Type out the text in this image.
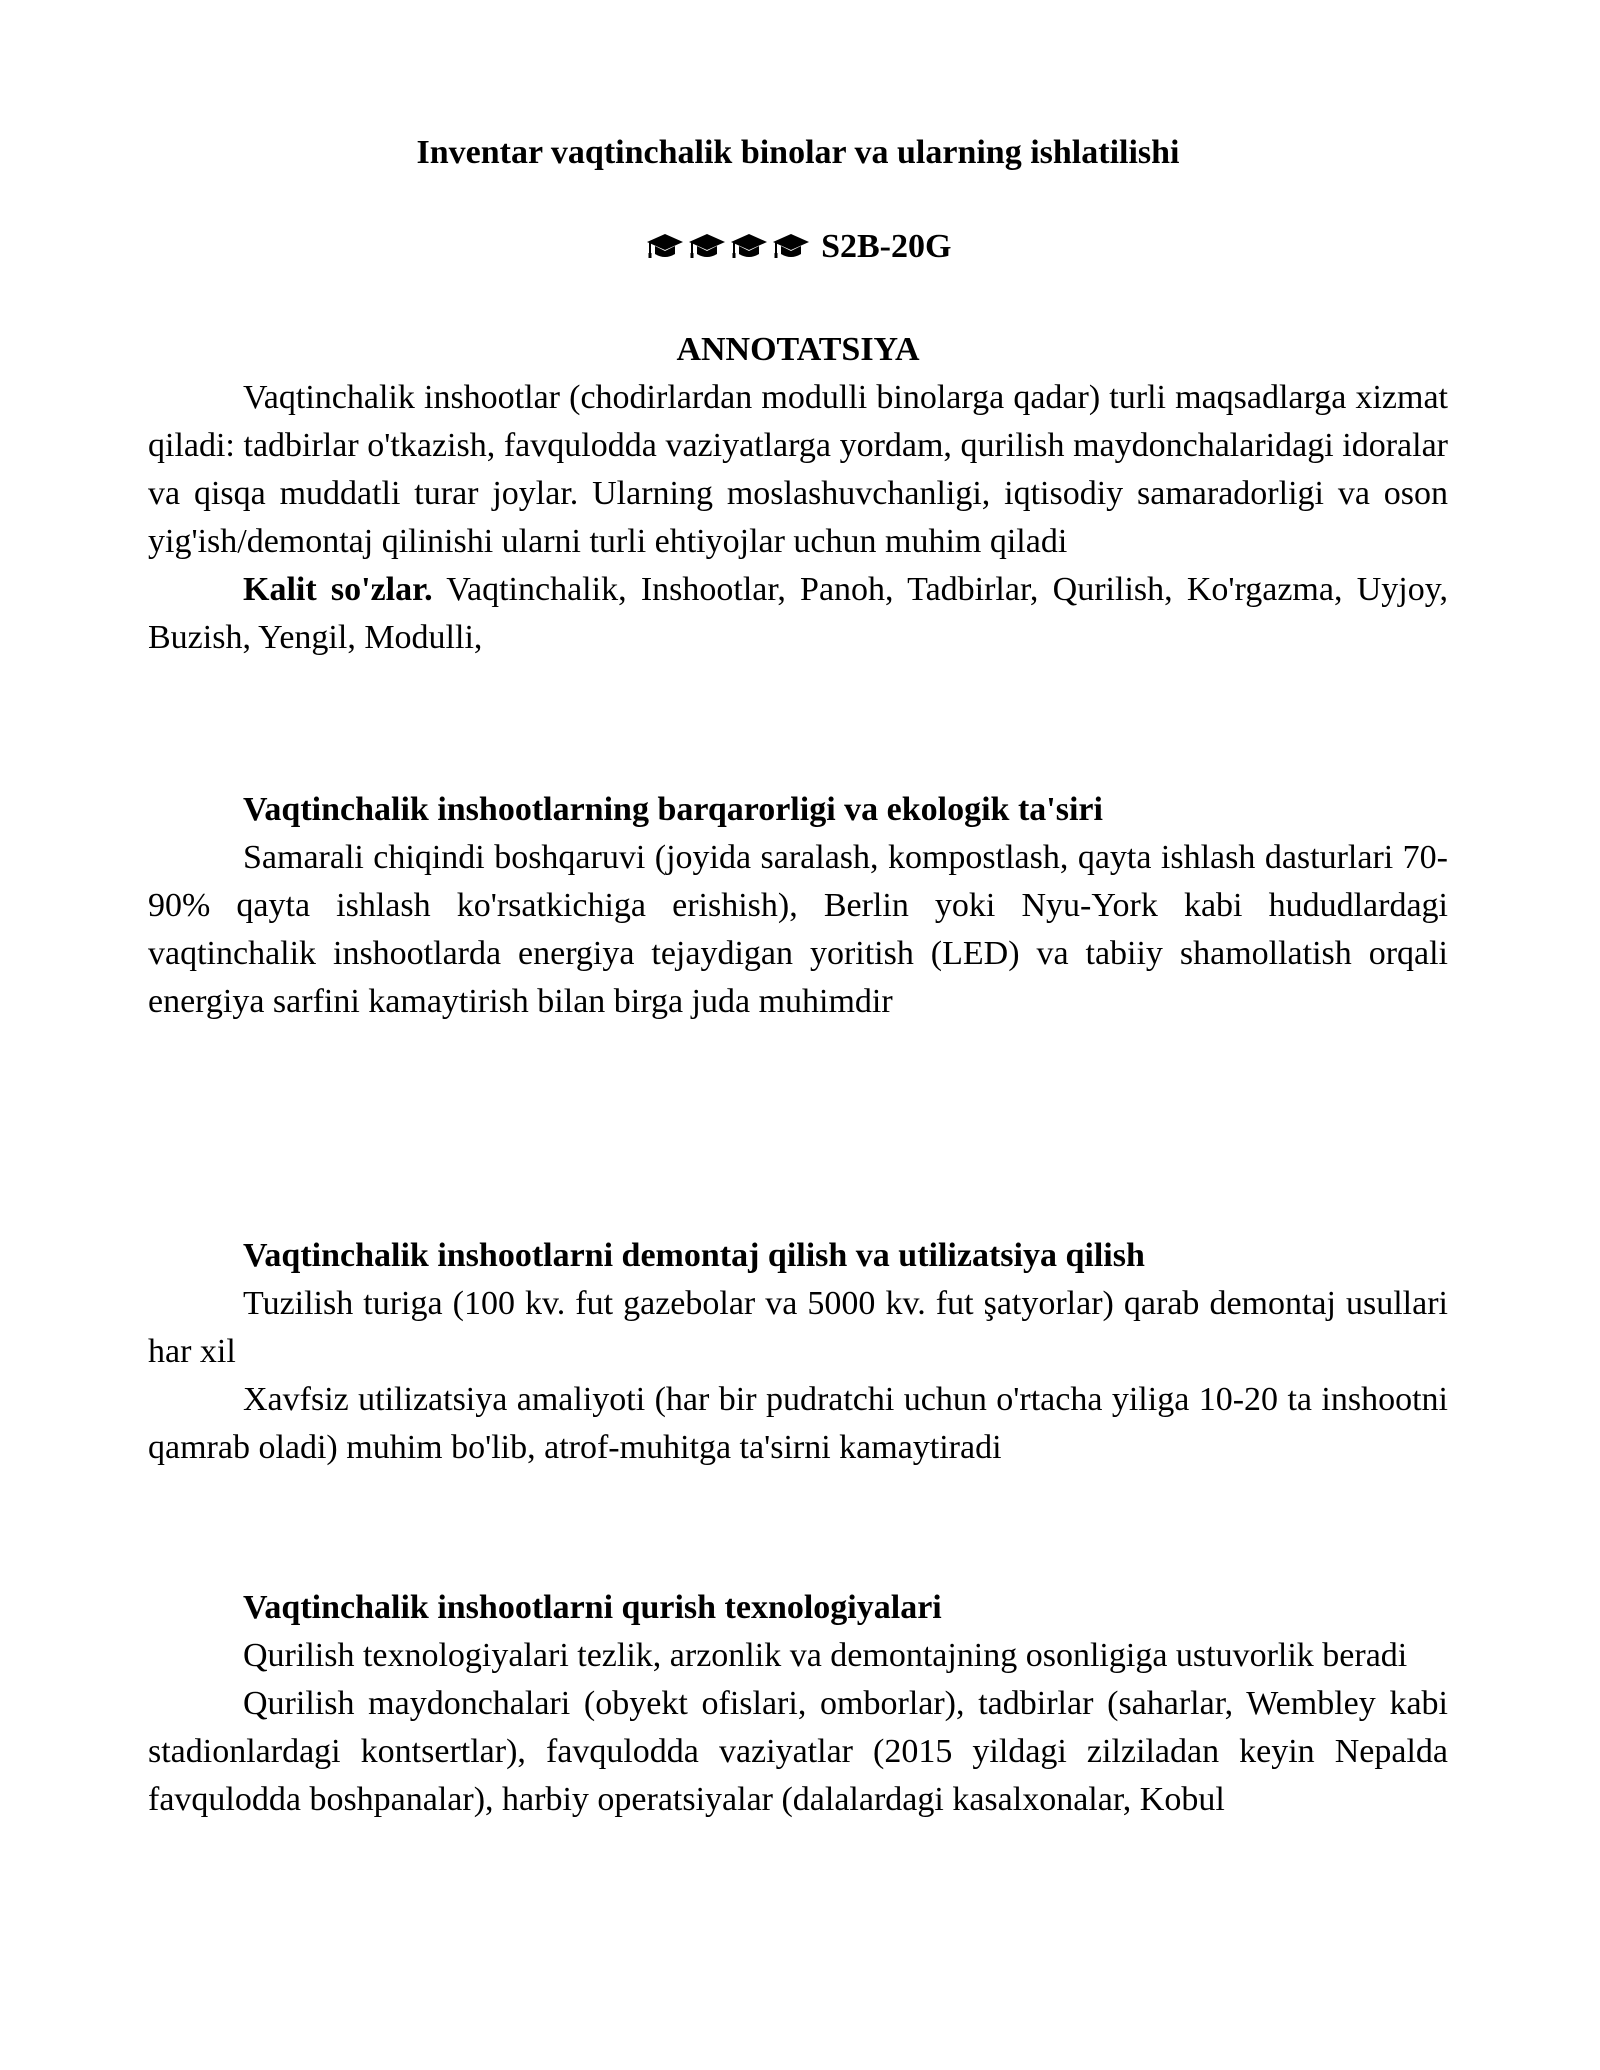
Inventar vaqtinchalik binolar va ularning ishlatilishi
S2B-20G
ANNOTATSIYA

Vaqtinchalik inshootlar (chodirlardan modulli binolarga qadar) turli maqsadlarga xizmat qiladi: tadbirlar o'tkazish, favqulodda vaziyatlarga yordam, qurilish maydonchalaridagi idoralar va qisqa muddatli turar joylar. Ularning moslashuvchanligi, iqtisodiy samaradorligi va oson yig'ish/demontaj qilinishi ularni turli ehtiyojlar uchun muhim qiladi

Kalit so'zlar. Vaqtinchalik, Inshootlar, Panoh, Tadbirlar, Qurilish, Ko'rgazma, Uyjoy, Buzish, Yengil, Modulli,

Vaqtinchalik inshootlarning barqarorligi va ekologik ta'siri

Samarali chiqindi boshqaruvi (joyida saralash, kompostlash, qayta ishlash dasturlari 70-90% qayta ishlash ko'rsatkichiga erishish), Berlin yoki Nyu-York kabi hududlardagi vaqtinchalik inshootlarda energiya tejaydigan yoritish (LED) va tabiiy shamollatish orqali energiya sarfini kamaytirish bilan birga juda muhimdir

Vaqtinchalik inshootlarni demontaj qilish va utilizatsiya qilish

Tuzilish turiga (100 kv. fut gazebolar va 5000 kv. fut şatyorlar) qarab demontaj usullari har xil

Xavfsiz utilizatsiya amaliyoti (har bir pudratchi uchun o'rtacha yiliga 10-20 ta inshootni qamrab oladi) muhim bo'lib, atrof-muhitga ta'sirni kamaytiradi

Vaqtinchalik inshootlarni qurish texnologiyalari

Qurilish texnologiyalari tezlik, arzonlik va demontajning osonligiga ustuvorlik beradi

Qurilish maydonchalari (obyekt ofislari, omborlar), tadbirlar (saharlar, Wembley kabi stadionlardagi kontsertlar), favqulodda vaziyatlar (2015 yildagi zilziladan keyin Nepalda favqulodda boshpanalar), harbiy operatsiyalar (dalalardagi kasalxonalar, Kobul
